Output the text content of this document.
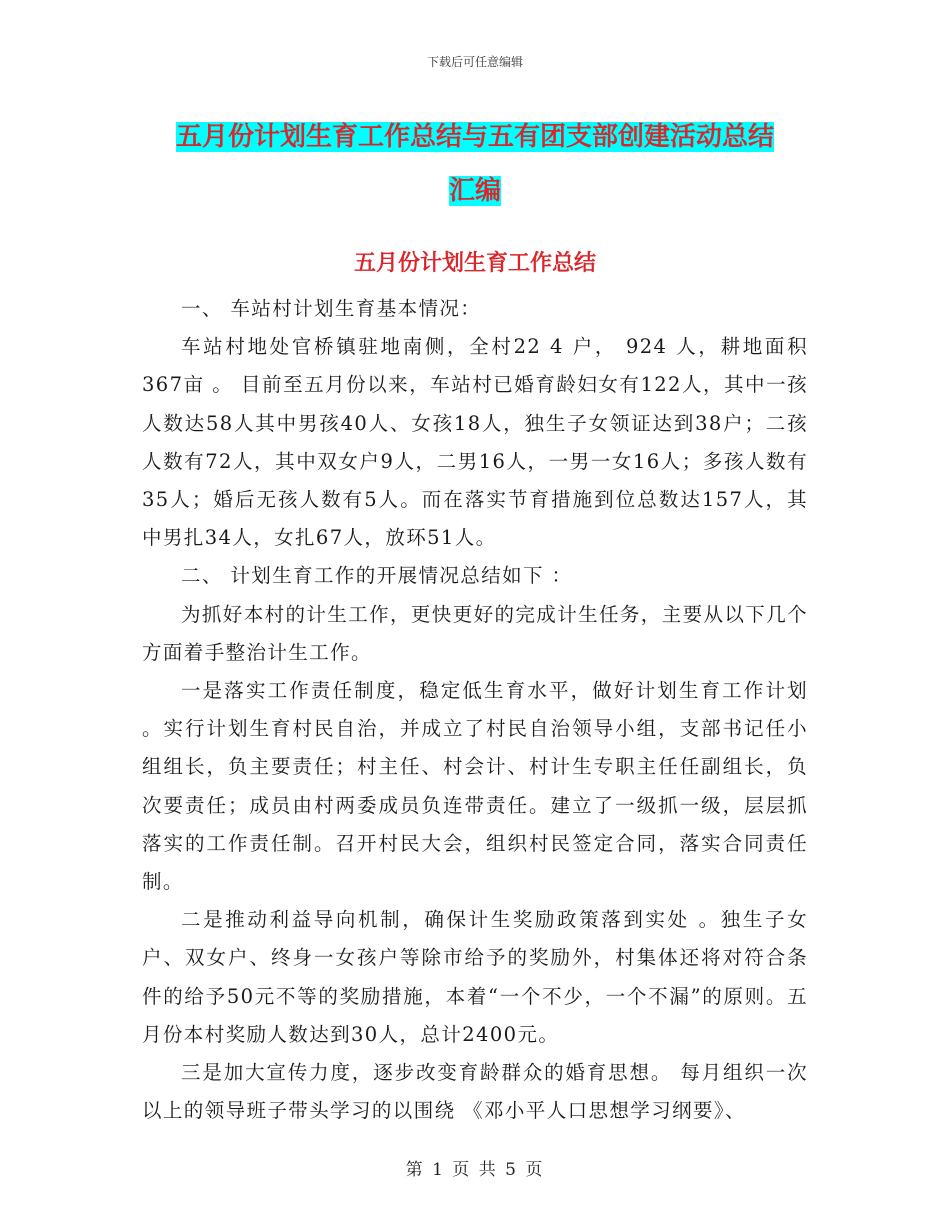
下载后可任意编辑
五月份计划生育工作总结与五有团支部创建活动总结
汇编
五月份计划生育工作总结

一、 车站村计划生育基本情况：

车站村地处官桥镇驻地南侧，全村22 4 户， 924 人，耕地面积367亩 。 目前至五月份以来，车站村已婚育龄妇女有122人，其中一孩人数达58人其中男孩40人、女孩18人，独生子女领证达到38户；二孩人数有72人，其中双女户9人，二男16人，一男一女16人；多孩人数有35人；婚后无孩人数有5人。而在落实节育措施到位总数达157人，其中男扎34人，女扎67人，放环51人。

二、 计划生育工作的开展情况总结如下 ：

为抓好本村的计生工作，更快更好的完成计生任务，主要从以下几个方面着手整治计生工作。

一是落实工作责任制度，稳定低生育水平，做好计划生育工作计划 。实行计划生育村民自治，并成立了村民自治领导小组，支部书记任小组组长，负主要责任；村主任、村会计、村计生专职主任任副组长，负次要责任；成员由村两委成员负连带责任。建立了一级抓一级，层层抓落实的工作责任制。召开村民大会，组织村民签定合同，落实合同责任制。

二是推动利益导向机制，确保计生奖励政策落到实处 。独生子女户、双女户、终身一女孩户等除市给予的奖励外，村集体还将对符合条件的给予50元不等的奖励措施，本着“一个不少，一个不漏”的原则。五月份本村奖励人数达到30人，总计2400元。

三是加大宣传力度，逐步改变育龄群众的婚育思想。 每月组织一次以上的领导班子带头学习的以围绕 《邓小平人口思想学习纲要》、

第 1 页 共 5 页
